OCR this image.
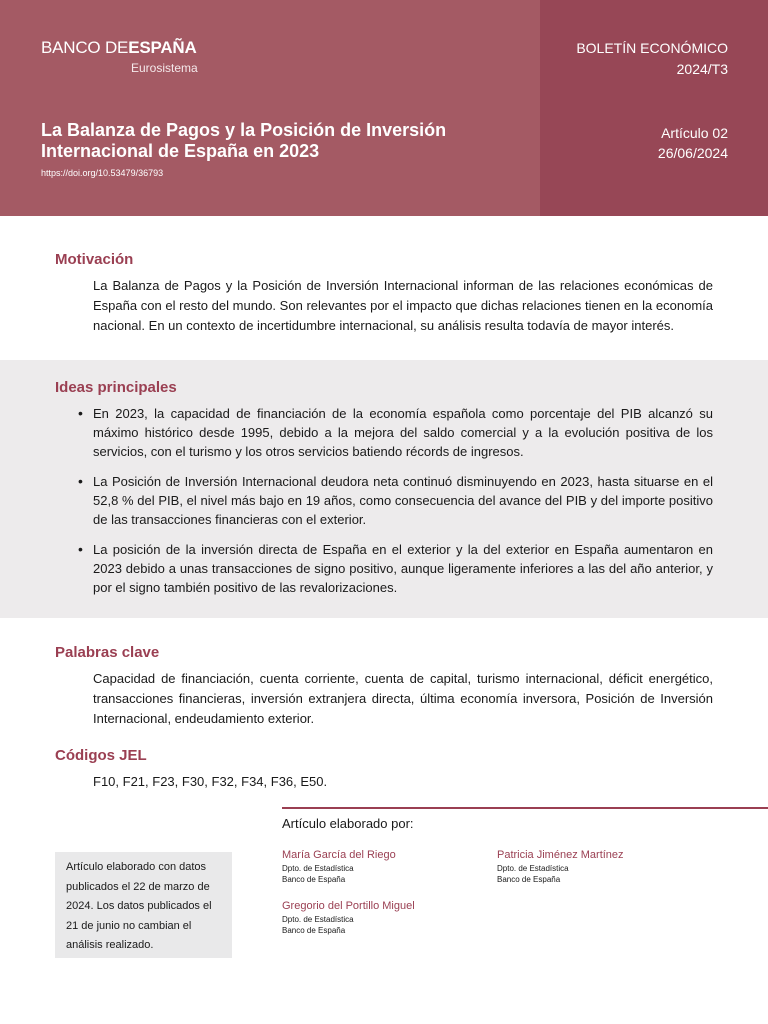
BANCO DEESPAÑA
Eurosistema
La Balanza de Pagos y la Posición de Inversión Internacional de España en 2023
https://doi.org/10.53479/36793
BOLETÍN ECONÓMICO
2024/T3
Artículo 02
26/06/2024
Motivación

La Balanza de Pagos y la Posición de Inversión Internacional informan de las relaciones económicas de España con el resto del mundo. Son relevantes por el impacto que dichas relaciones tienen en la economía nacional. En un contexto de incertidumbre internacional, su análisis resulta todavía de mayor interés.

Ideas principales
• En 2023, la capacidad de financiación de la economía española como porcentaje del PIB alcanzó su máximo histórico desde 1995, debido a la mejora del saldo comercial y a la evolución positiva de los servicios, con el turismo y los otros servicios batiendo récords de ingresos.
• La Posición de Inversión Internacional deudora neta continuó disminuyendo en 2023, hasta situarse en el 52,8 % del PIB, el nivel más bajo en 19 años, como consecuencia del avance del PIB y del importe positivo de las transacciones financieras con el exterior.
• La posición de la inversión directa de España en el exterior y la del exterior en España aumentaron en 2023 debido a unas transacciones de signo positivo, aunque ligeramente inferiores a las del año anterior, y por el signo también positivo de las revalorizaciones.
Palabras clave

Capacidad de financiación, cuenta corriente, cuenta de capital, turismo internacional, déficit energético, transacciones financieras, inversión extranjera directa, última economía inversora, Posición de Inversión Internacional, endeudamiento exterior.

Códigos JEL

F10, F21, F23, F30, F32, F34, F36, E50.

Artículo elaborado por:
María García del Riego
Dpto. de Estadística
Banco de España
Patricia Jiménez Martínez
Dpto. de Estadística
Banco de España
Gregorio del Portillo Miguel
Dpto. de Estadística
Banco de España
Artículo elaborado con datos publicados el 22 de marzo de 2024. Los datos publicados el 21 de junio no cambian el análisis realizado.
